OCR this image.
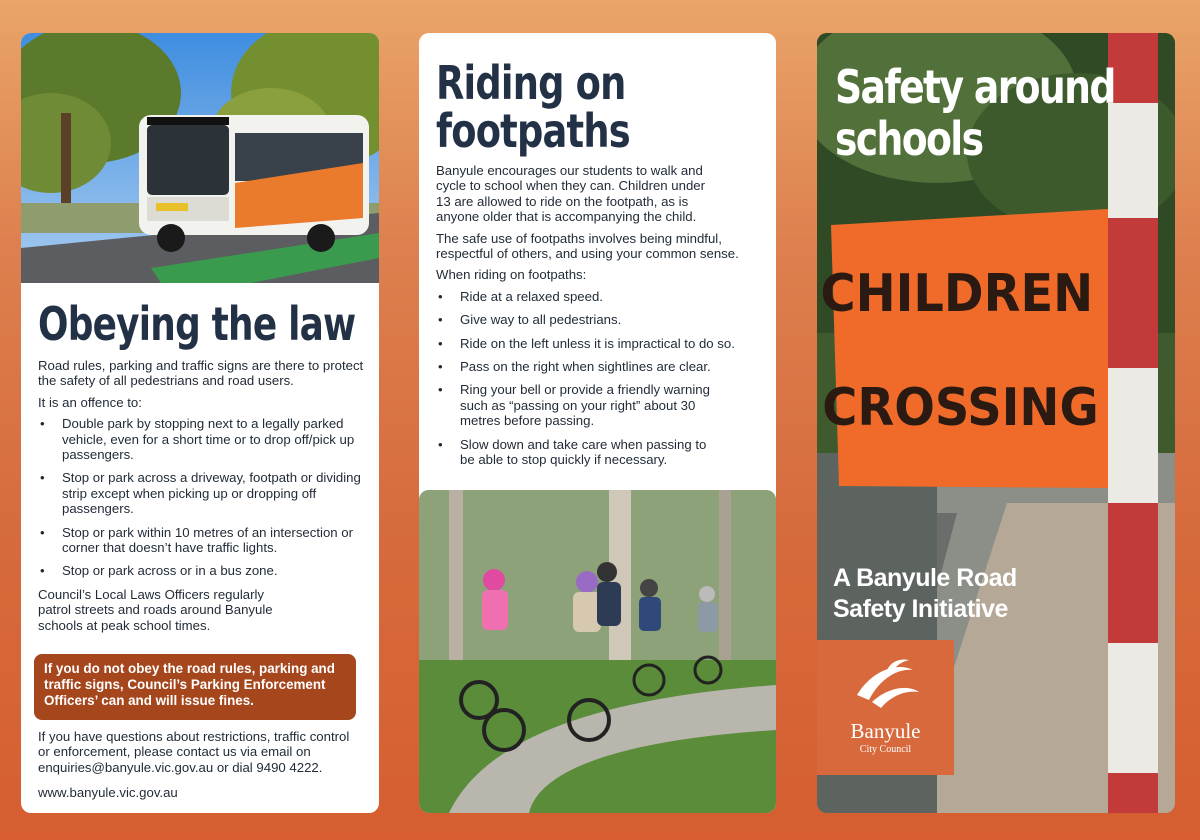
Obeying the law

Road rules, parking and traffic signs are there to protect the safety of all pedestrians and road users.

It is an offence to:

• Double park by stopping next to a legally parked vehicle, even for a short time or to drop off/pick up passengers.
• Stop or park across a driveway, footpath or dividing strip except when picking up or dropping off passengers.
• Stop or park within 10 metres of an intersection or corner that doesn’t have traffic lights.
• Stop or park across or in a bus zone.

Council’s Local Laws Officers regularly patrol streets and roads around Banyule schools at peak school times.

If you do not obey the road rules, parking and traffic signs, Council’s Parking Enforcement Officers’ can and will issue fines.
If you have questions about restrictions, traffic control or enforcement, please contact us via email on enquiries@banyule.vic.gov.au or dial 9490 4222.
www.banyule.vic.gov.au
Riding on
footpaths

Banyule encourages our students to walk and cycle to school when they can. Children under 13 are allowed to ride on the footpath, as is anyone older that is accompanying the child.

The safe use of footpaths involves being mindful, respectful of others, and using your common sense.

When riding on footpaths:

• Ride at a relaxed speed.
• Give way to all pedestrians.
• Ride on the left unless it is impractical to do so.
• Pass on the right when sightlines are clear.
• Ring your bell or provide a friendly warning such as “passing on your right” about 30 metres before passing.
• Slow down and take care when passing to be able to stop quickly if necessary.
CHILDREN
CROSSING
Safety around
schools
A Banyule Road
Safety Initiative
Banyule
City Council
